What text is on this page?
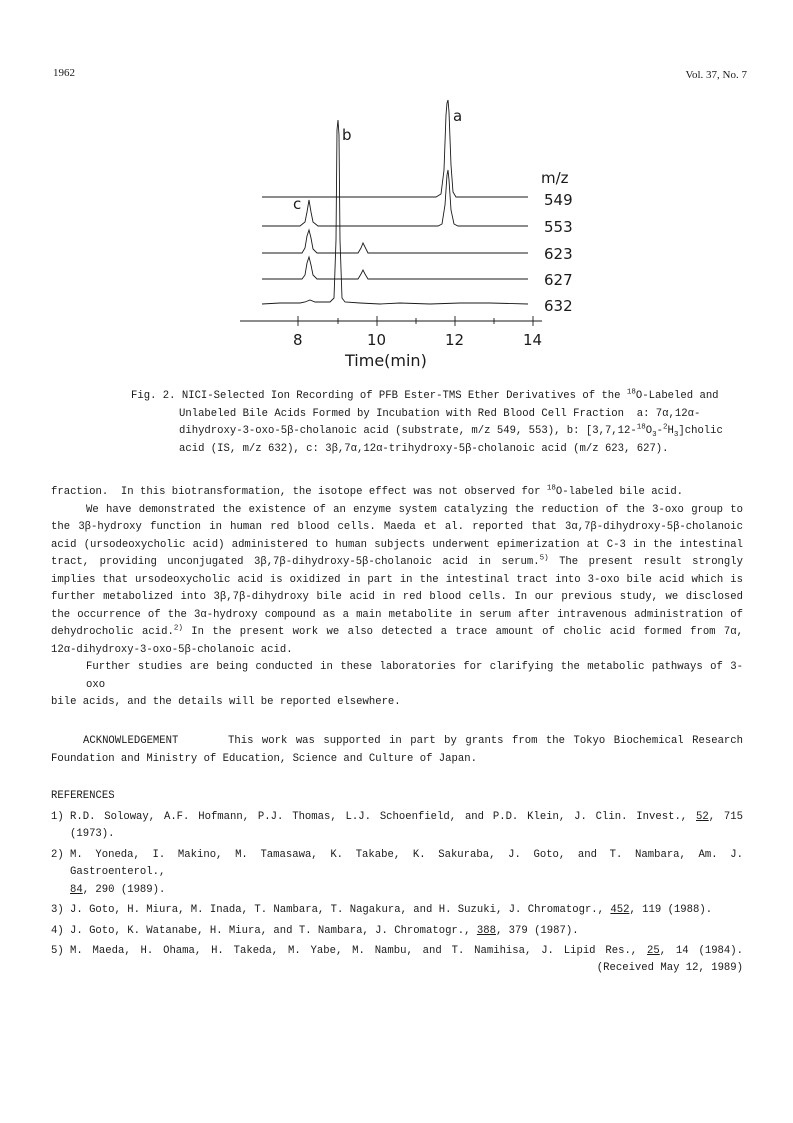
1962	Vol. 37, No. 7
a
b
c
m/z
549
553
623
627
632
8	10	12	14
Time(min)
Fig. 2. NICI-Selected Ion Recording of PFB Ester-TMS Ether Derivatives of the $^{18}$O-Labeled and
Unlabeled Bile Acids Formed by Incubation with Red Blood Cell Fraction  a: 7α,12α-
dihydroxy-3-oxo-5β-cholanoic acid (substrate, m/z 549, 553), b: $[3,7,12-^{18}O_3-^2H_3]cholic$
acid (IS, m/z 632), c: 3β,7α,12α-trihydroxy-5β-cholanoic acid (m/z 623, 627).
fraction.  In this biotransformation, the isotope effect was not observed for $^{18}$O-labeled bile acid.
We have demonstrated the existence of an enzyme system catalyzing the reduction of the 3-oxo group to
the 3β-hydroxy function in human red blood cells. Maeda et al. reported that 3α,7β-dihydroxy-5β-cholanoic
acid (ursodeoxycholic acid) administered to human subjects underwent epimerization at C-3 in the intestinal
tract, providing unconjugated 3β,7β-dihydroxy-5β-cholanoic acid in serum.$^{5)}$ The present result strongly
implies that ursodeoxycholic acid is oxidized in part in the intestinal tract into 3-oxo bile acid which is
further metabolized into 3β,7β-dihydroxy bile acid in red blood cells. In our previous study, we disclosed
the occurrence of the 3α-hydroxy compound as a main metabolite in serum after intravenous administration of
dehydrocholic acid.$^{2)}$ In the present work we also detected a trace amount of cholic acid formed from 7α,
12α-dihydroxy-3-oxo-5β-cholanoic acid.
Further studies are being conducted in these laboratories for clarifying the metabolic pathways of 3-oxo
bile acids, and the details will be reported elsewhere.
ACKNOWLEDGEMENT	This work was supported in part by grants from the Tokyo Biochemical Research
Foundation and Ministry of Education, Science and Culture of Japan.
REFERENCES
1) R.D. Soloway, A.F. Hofmann, P.J. Thomas, L.J. Schoenfield, and P.D. Klein, J. Clin. Invest., 52, 715
(1973).
2) M. Yoneda, I. Makino, M. Tamasawa, K. Takabe, K. Sakuraba, J. Goto, and T. Nambara, Am. J. Gastroenterol.,
84, 290 (1989).
3) J. Goto, H. Miura, M. Inada, T. Nambara, T. Nagakura, and H. Suzuki, J. Chromatogr., 452, 119 (1988).
4) J. Goto, K. Watanabe, H. Miura, and T. Nambara, J. Chromatogr., 388, 379 (1987).
5) M. Maeda, H. Ohama, H. Takeda, M. Yabe, M. Nambu, and T. Namihisa, J. Lipid Res., 25, 14 (1984).
(Received May 12, 1989)
